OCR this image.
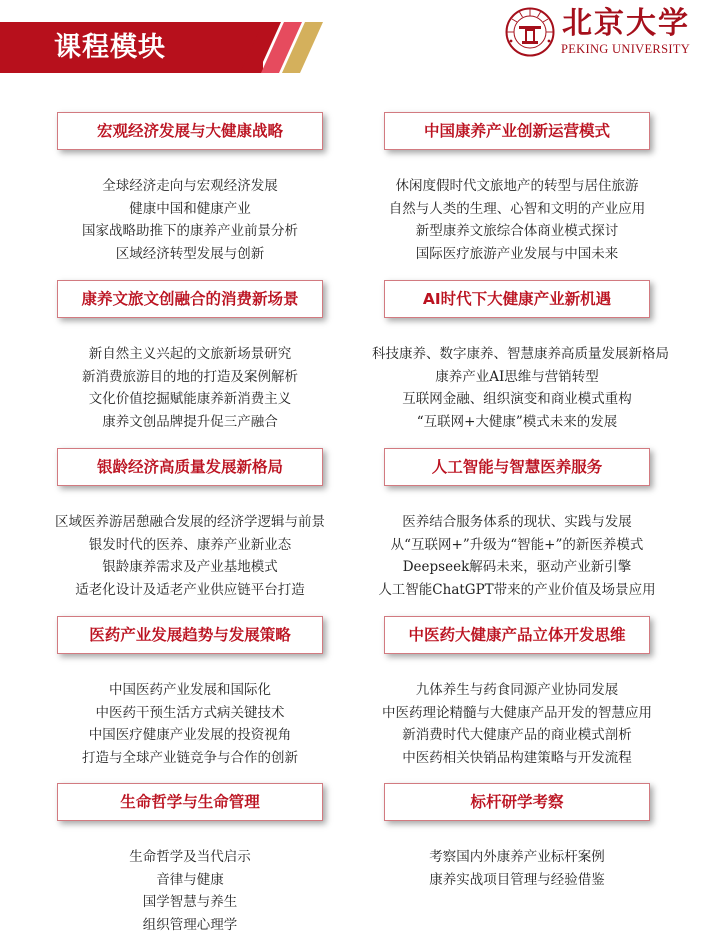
课程模块
北京大学
PEKING UNIVERSITY
宏观经济发展与大健康战略
全球经济走向与宏观经济发展
健康中国和健康产业
国家战略助推下的康养产业前景分析
区域经济转型发展与创新
中国康养产业创新运营模式
休闲度假时代文旅地产的转型与居住旅游
自然与人类的生理、心智和文明的产业应用
新型康养文旅综合体商业模式探讨
国际医疗旅游产业发展与中国未来
康养文旅文创融合的消费新场景
新自然主义兴起的文旅新场景研究
新消费旅游目的地的打造及案例解析
文化价值挖掘赋能康养新消费主义
康养文创品牌提升促三产融合
AI时代下大健康产业新机遇
科技康养、数字康养、智慧康养高质量发展新格局
康养产业AI思维与营销转型
互联网金融、组织演变和商业模式重构
“互联网+大健康”模式未来的发展
银龄经济高质量发展新格局
区域医养游居憩融合发展的经济学逻辑与前景
银发时代的医养、康养产业新业态
银龄康养需求及产业基地模式
适老化设计及适老产业供应链平台打造
人工智能与智慧医养服务
医养结合服务体系的现状、实践与发展
从“互联网+”升级为“智能+”的新医养模式
Deepseek解码未来，驱动产业新引擎
人工智能ChatGPT带来的产业价值及场景应用
医药产业发展趋势与发展策略
中国医药产业发展和国际化
中医药干预生活方式病关键技术
中国医疗健康产业发展的投资视角
打造与全球产业链竞争与合作的创新
中医药大健康产品立体开发思维
九体养生与药食同源产业协同发展
中医药理论精髓与大健康产品开发的智慧应用
新消费时代大健康产品的商业模式剖析
中医药相关快销品构建策略与开发流程
生命哲学与生命管理
生命哲学及当代启示
音律与健康
国学智慧与养生
组织管理心理学
标杆研学考察
考察国内外康养产业标杆案例
康养实战项目管理与经验借鉴
